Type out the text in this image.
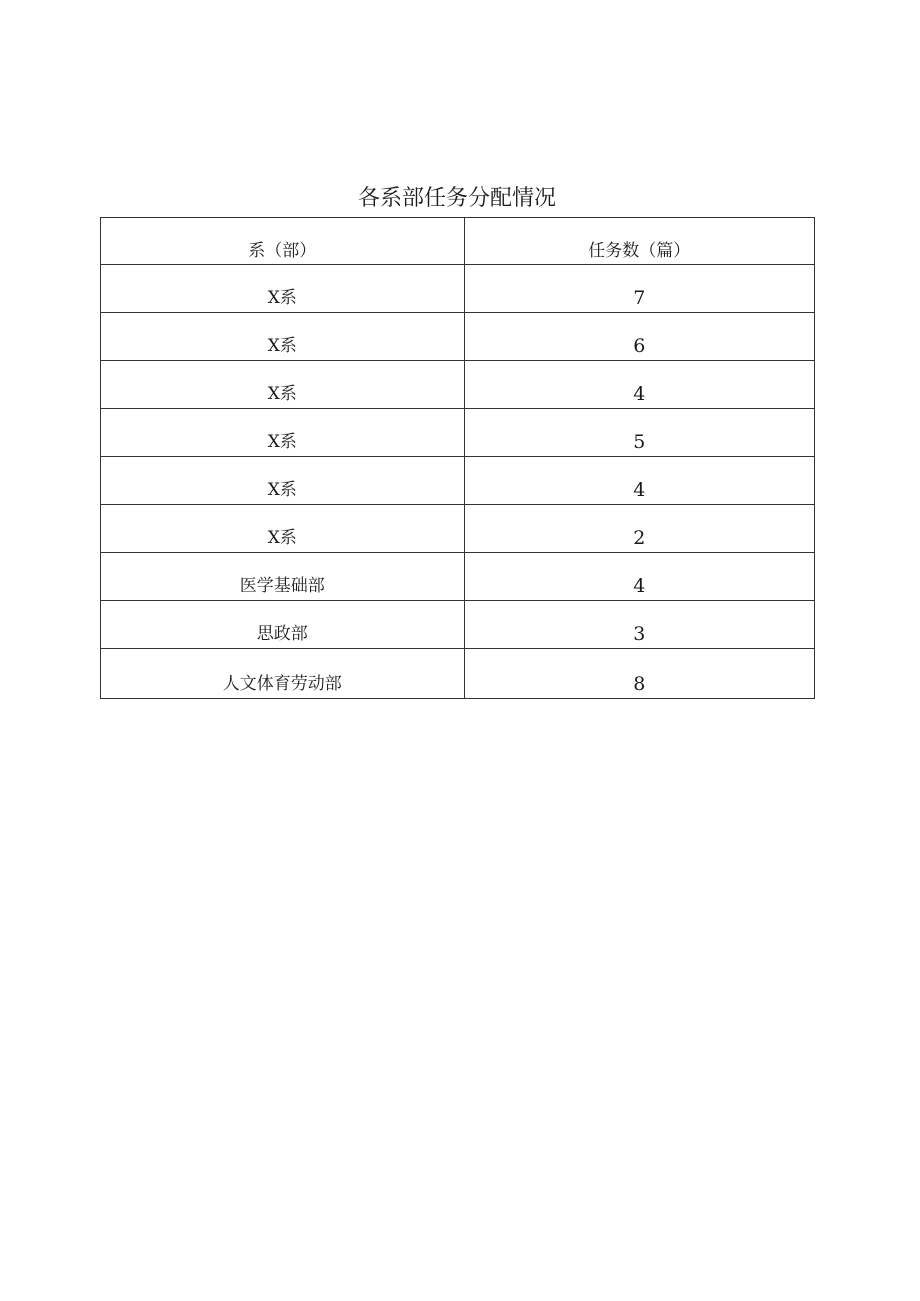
各系部任务分配情况
系（部）	任务数（篇）
X系	7
X系	6
X系	4
X系	5
X系	4
X系	2
医学基础部	4
思政部	3
人文体育劳动部	8
